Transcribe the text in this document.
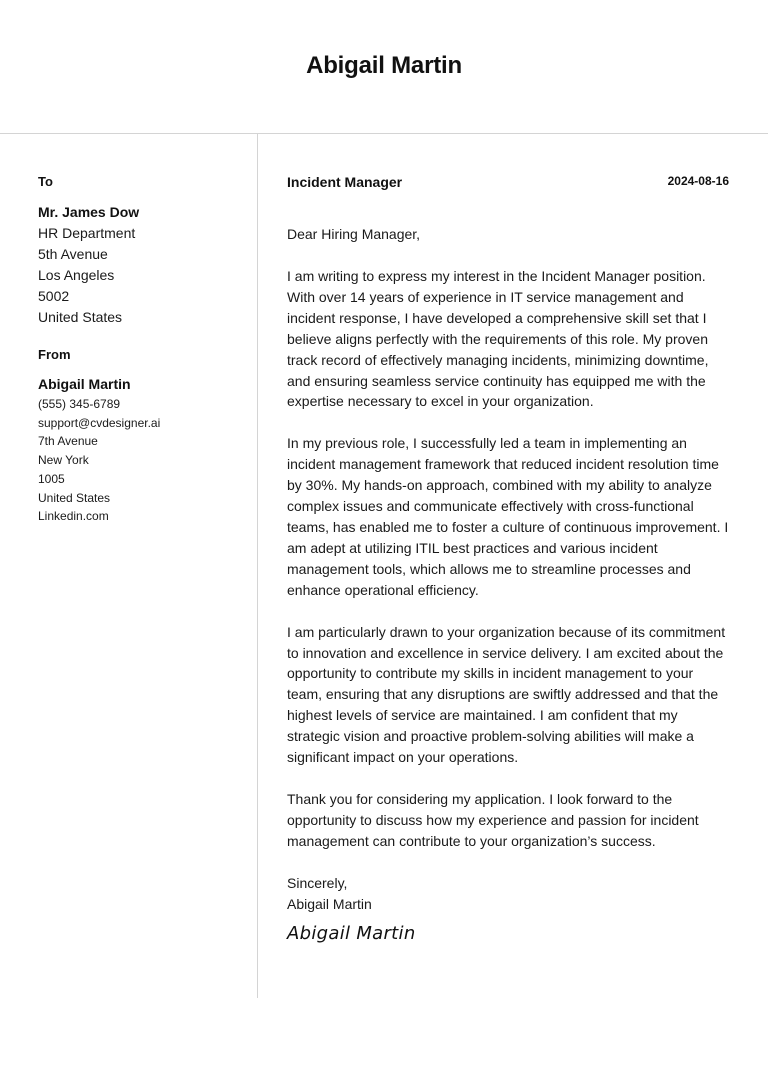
Abigail Martin
To
Mr. James Dow
HR Department
5th Avenue
Los Angeles
5002
United States
From
Abigail Martin
(555) 345-6789
support@cvdesigner.ai
7th Avenue
New York
1005
United States
Linkedin.com
Incident Manager	2024-08-16
Dear Hiring Manager,

I am writing to express my interest in the Incident Manager position. With over 14 years of experience in IT service management and incident response, I have developed a comprehensive skill set that I believe aligns perfectly with the requirements of this role. My proven track record of effectively managing incidents, minimizing downtime, and ensuring seamless service continuity has equipped me with the expertise necessary to excel in your organization.

In my previous role, I successfully led a team in implementing an incident management framework that reduced incident resolution time by 30%. My hands-on approach, combined with my ability to analyze complex issues and communicate effectively with cross-functional teams, has enabled me to foster a culture of continuous improvement. I am adept at utilizing ITIL best practices and various incident management tools, which allows me to streamline processes and enhance operational efficiency.

I am particularly drawn to your organization because of its commitment to innovation and excellence in service delivery. I am excited about the opportunity to contribute my skills in incident management to your team, ensuring that any disruptions are swiftly addressed and that the highest levels of service are maintained. I am confident that my strategic vision and proactive problem-solving abilities will make a significant impact on your operations.

Thank you for considering my application. I look forward to the opportunity to discuss how my experience and passion for incident management can contribute to your organization’s success.

Sincerely,
Abigail Martin
Abigail Martin
